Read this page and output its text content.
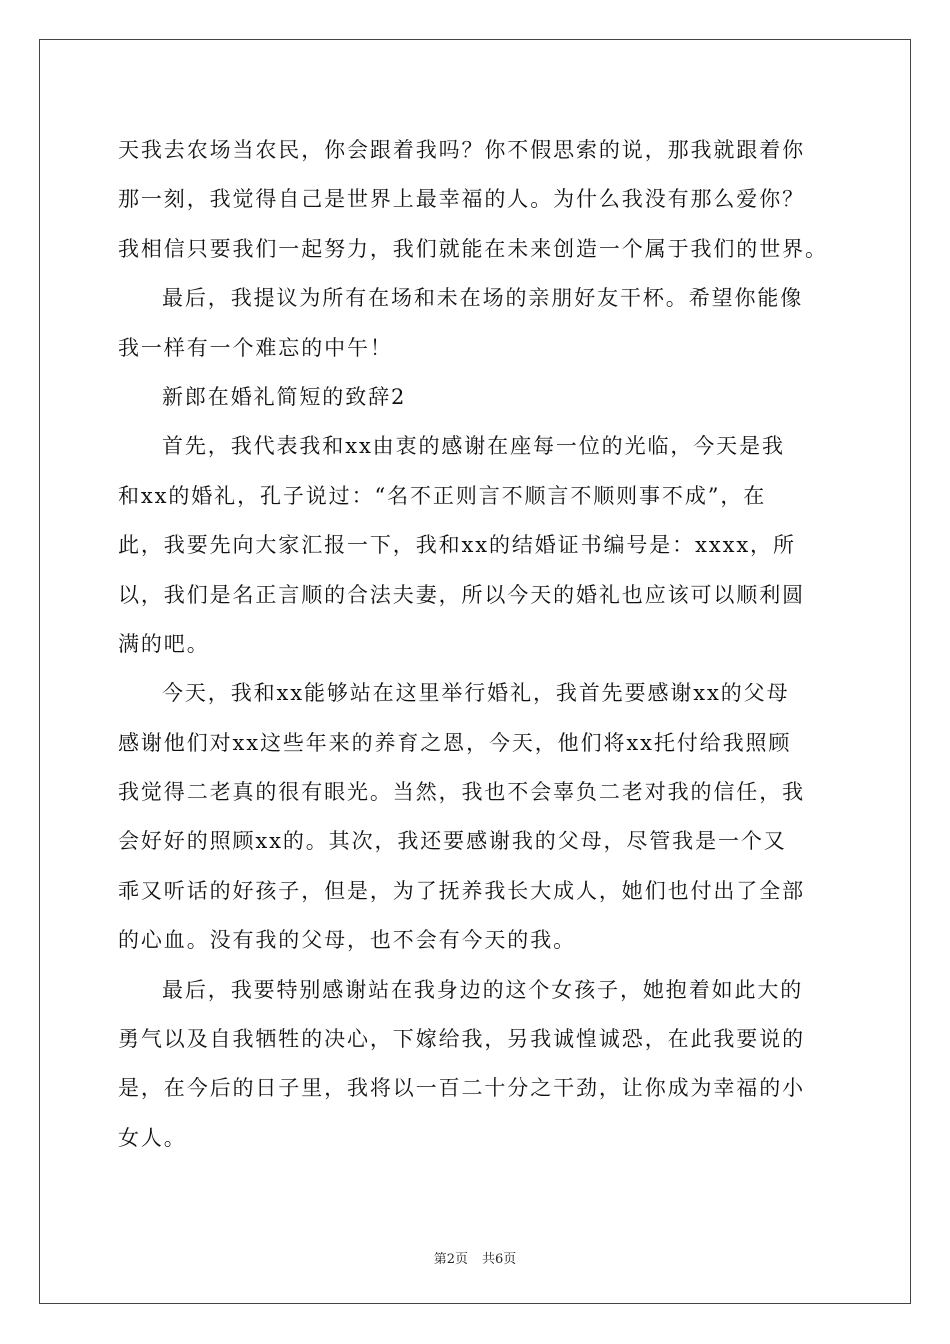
天我去农场当农民，你会跟着我吗？你不假思索的说，那我就跟着你
那一刻，我觉得自己是世界上最幸福的人。为什么我没有那么爱你？
我相信只要我们一起努力，我们就能在未来创造一个属于我们的世界。
最后，我提议为所有在场和未在场的亲朋好友干杯。希望你能像
我一样有一个难忘的中午！
新郎在婚礼简短的致辞2
首先，我代表我和xx由衷的感谢在座每一位的光临，今天是我
和xx的婚礼，孔子说过：“名不正则言不顺言不顺则事不成”，在
此，我要先向大家汇报一下，我和xx的结婚证书编号是：xxxx，所
以，我们是名正言顺的合法夫妻，所以今天的婚礼也应该可以顺利圆
满的吧。
今天，我和xx能够站在这里举行婚礼，我首先要感谢xx的父母
感谢他们对xx这些年来的养育之恩，今天，他们将xx托付给我照顾
我觉得二老真的很有眼光。当然，我也不会辜负二老对我的信任，我
会好好的照顾xx的。其次，我还要感谢我的父母，尽管我是一个又
乖又听话的好孩子，但是，为了抚养我长大成人，她们也付出了全部
的心血。没有我的父母，也不会有今天的我。
最后，我要特别感谢站在我身边的这个女孩子，她抱着如此大的
勇气以及自我牺牲的决心，下嫁给我，另我诚惶诚恐，在此我要说的
是，在今后的日子里，我将以一百二十分之干劲，让你成为幸福的小
女人。
第2页 共6页
